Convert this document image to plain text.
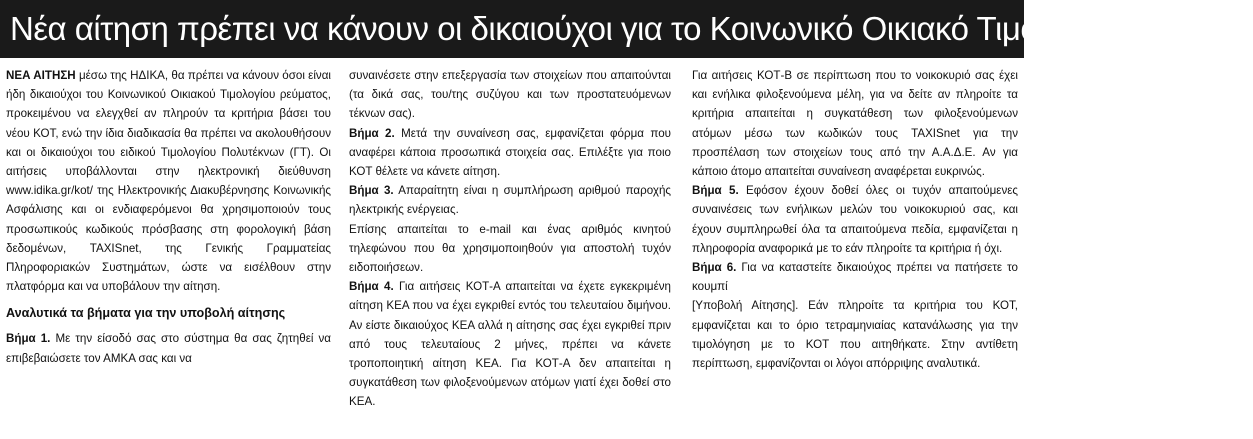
Νέα αίτηση πρέπει να κάνουν οι δικαιούχοι για το Κοινωνικό Οικιακό Τιμολόγιο ρεύματος

ΝΕΑ ΑΙΤΗΣΗ μέσω της ΗΔΙΚΑ, θα πρέπει να κάνουν όσοι είναι ήδη δικαιούχοι του Κοινωνικού Οικιακού Τιμολογίου ρεύματος, προκειμένου να ελεγχθεί αν πληρούν τα κριτήρια βάσει του νέου ΚΟΤ, ενώ την ίδια διαδικασία θα πρέπει να ακολουθήσουν και οι δικαιούχοι του ειδικού Τιμολογίου Πολυτέκνων (ΓΤ). Οι αιτήσεις υποβάλλονται στην ηλεκτρονική διεύθυνση www.idika.gr/kot/ της Ηλεκτρονικής Διακυβέρνησης Κοινωνικής Ασφάλισης και οι ενδιαφερόμενοι θα χρησιμοποιούν τους προσωπικούς κωδικούς πρόσβασης στη φορολογική βάση δεδομένων, TAXISnet, της Γενικής Γραμματείας Πληροφοριακών Συστημάτων, ώστε να εισέλθουν στην πλατφόρμα και να υποβάλουν την αίτηση.

Αναλυτικά τα βήματα για την υποβολή αίτησης

Βήμα 1. Με την είσοδό σας στο σύστημα θα σας ζητηθεί να επιβεβαιώσετε τον ΑΜΚΑ σας και να

συναινέσετε στην επεξεργασία των στοιχείων που απαιτούνται (τα δικά σας, του/της συζύγου και των προστατευόμενων τέκνων σας).

Βήμα 2. Μετά την συναίνεση σας, εμφανίζεται φόρμα που αναφέρει κάποια προσωπικά στοιχεία σας. Επιλέξτε για ποιο ΚΟΤ θέλετε να κάνετε αίτηση.

Βήμα 3. Απαραίτητη είναι η συμπλήρωση αριθμού παροχής ηλεκτρικής ενέργειας.

Επίσης απαιτείται το e-mail και ένας αριθμός κινητού τηλεφώνου που θα χρησιμοποιηθούν για αποστολή τυχόν ειδοποιήσεων.

Βήμα 4. Για αιτήσεις ΚΟΤ-Α απαιτείται να έχετε εγκεκριμένη αίτηση ΚΕΑ που να έχει εγκριθεί εντός του τελευταίου διμήνου. Αν είστε δικαιούχος ΚΕΑ αλλά η αίτησης σας έχει εγκριθεί πριν από τους τελευταίους 2 μήνες, πρέπει να κάνετε τροποποιητική αίτηση ΚΕΑ. Για ΚΟΤ-Α δεν απαιτείται η συγκατάθεση των φιλοξενούμενων ατόμων γιατί έχει δοθεί στο ΚΕΑ.

Για αιτήσεις ΚΟΤ-Β σε περίπτωση που το νοικοκυριό σας έχει και ενήλικα φιλοξενούμενα μέλη, για να δείτε αν πληροίτε τα κριτήρια απαιτείται η συγκατάθεση των φιλοξενούμενων ατόμων μέσω των κωδικών τους TAXISnet για την προσπέλαση των στοιχείων τους από την Α.Α.Δ.Ε. Αν για κάποιο άτομο απαιτείται συναίνεση αναφέρεται ευκρινώς.

Βήμα 5. Εφόσον έχουν δοθεί όλες οι τυχόν απαιτούμενες συναινέσεις των ενήλικων μελών του νοικοκυριού σας, και έχουν συμπληρωθεί όλα τα απαιτούμενα πεδία, εμφανίζεται η πληροφορία αναφορικά με το εάν πληροίτε τα κριτήρια ή όχι.

Βήμα 6. Για να καταστείτε δικαιούχος πρέπει να πατήσετε το κουμπί

[Υποβολή Αίτησης]. Εάν πληροίτε τα κριτήρια του ΚΟΤ, εμφανίζεται και το όριο τετραμηνιαίας κατανάλωσης για την τιμολόγηση με το ΚΟΤ που αιτηθήκατε. Στην αντίθετη περίπτωση, εμφανίζονται οι λόγοι απόρριψης αναλυτικά.
